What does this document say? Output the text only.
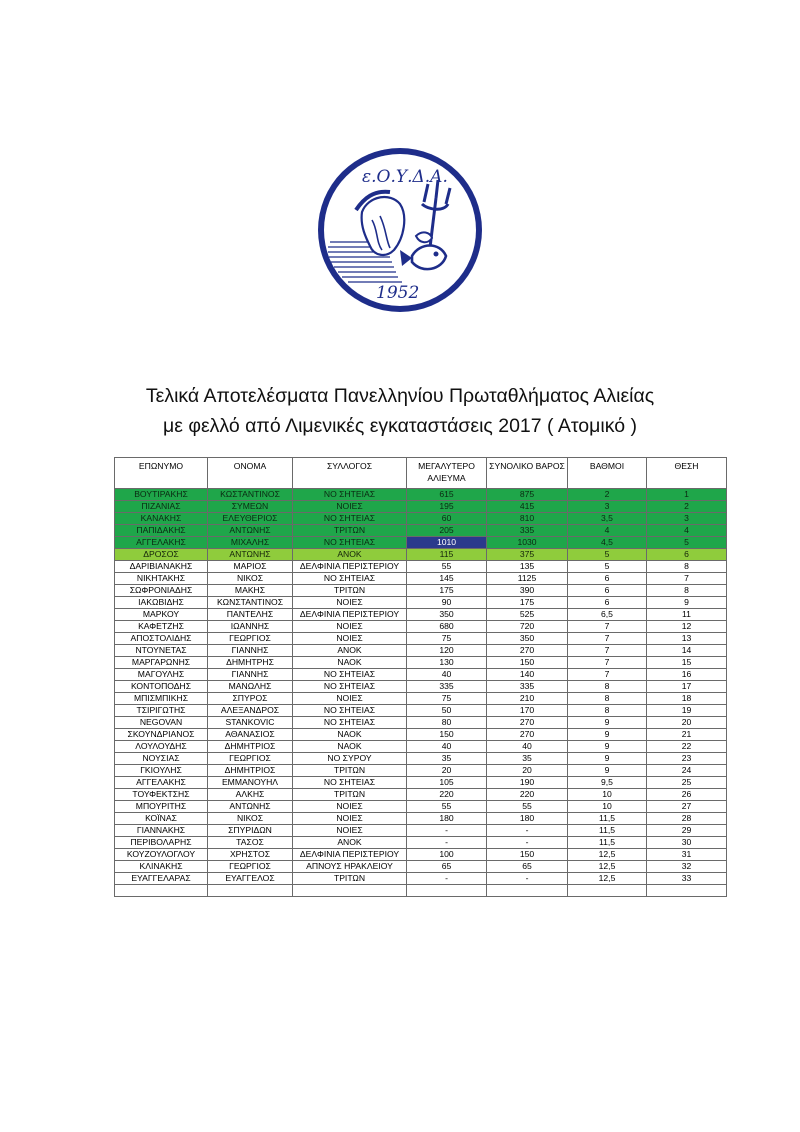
ε.Ο.Υ.Δ.Α.
1952
Τελικά Αποτελέσματα Πανελληνίου Πρωταθλήματος Αλιείας
με φελλό από Λιμενικές εγκαταστάσεις 2017 ( Ατομικό )
ΕΠΩΝΥΜΟ	ΟΝΟΜΑ	ΣΥΛΛΟΓΟΣ	ΜΕΓΑΛΥΤΕΡΟ ΑΛΙΕΥΜΑ	ΣΥΝΟΛΙΚΟ ΒΑΡΟΣ	ΒΑΘΜΟΙ	ΘΕΣΗ
ΒΟΥΤΙΡΑΚΗΣ	ΚΩΣΤΑΝΤΙΝΟΣ	ΝΟ ΣΗΤΕΙΑΣ	615	875	2	1
ΠΙΖΑΝΙΑΣ	ΣΥΜΕΩΝ	ΝΟΙΕΣ	195	415	3	2
ΚΑΝΑΚΗΣ	ΕΛΕΥΘΕΡΙΟΣ	ΝΟ ΣΗΤΕΙΑΣ	60	810	3,5	3
ΠΑΠΙΔΑΚΗΣ	ΑΝΤΩΝΗΣ	ΤΡΙΤΩΝ	205	335	4	4
ΑΓΓΕΛΑΚΗΣ	ΜΙΧΑΛΗΣ	ΝΟ ΣΗΤΕΙΑΣ	1010	1030	4,5	5
ΔΡΟΣΟΣ	ΑΝΤΩΝΗΣ	ΑΝΟΚ	115	375	5	6
ΔΑΡΙΒΙΑΝΑΚΗΣ	ΜΑΡΙΟΣ	ΔΕΛΦΙΝΙΑ ΠΕΡΙΣΤΕΡΙΟΥ	55	135	5	8
ΝΙΚΗΤΑΚΗΣ	ΝΙΚΟΣ	ΝΟ ΣΗΤΕΙΑΣ	145	1125	6	7
ΣΩΦΡΟΝΙΑΔΗΣ	ΜΑΚΗΣ	ΤΡΙΤΩΝ	175	390	6	8
ΙΑΚΩΒΙΔΗΣ	ΚΩΝΣΤΑΝΤΙΝΟΣ	ΝΟΙΕΣ	90	175	6	9
ΜΑΡΚΟΥ	ΠΑΝΤΕΛΗΣ	ΔΕΛΦΙΝΙΑ ΠΕΡΙΣΤΕΡΙΟΥ	350	525	6,5	11
ΚΑΦΕΤΖΗΣ	ΙΩΑΝΝΗΣ	ΝΟΙΕΣ	680	720	7	12
ΑΠΟΣΤΟΛΙΔΗΣ	ΓΕΩΡΓΙΟΣ	ΝΟΙΕΣ	75	350	7	13
ΝΤΟΥΝΕΤΑΣ	ΓΙΑΝΝΗΣ	ΑΝΟΚ	120	270	7	14
ΜΑΡΓΑΡΩΝΗΣ	ΔΗΜΗΤΡΗΣ	ΝΑΟΚ	130	150	7	15
ΜΑΓΟΥΛΗΣ	ΓΙΑΝΝΗΣ	ΝΟ ΣΗΤΕΙΑΣ	40	140	7	16
ΚΟΝΤΟΠΟΔΗΣ	ΜΑΝΩΛΗΣ	ΝΟ ΣΗΤΕΙΑΣ	335	335	8	17
ΜΠΙΣΜΠΙΚΗΣ	ΣΠΥΡΟΣ	ΝΟΙΕΣ	75	210	8	18
ΤΣΙΡΙΓΩΤΗΣ	ΑΛΕΞΑΝΔΡΟΣ	ΝΟ ΣΗΤΕΙΑΣ	50	170	8	19
NEGOVAN	STANKOVIC	ΝΟ ΣΗΤΕΙΑΣ	80	270	9	20
ΣΚΟΥΝΔΡΙΑΝΟΣ	ΑΘΑΝΑΣΙΟΣ	ΝΑΟΚ	150	270	9	21
ΛΟΥΛΟΥΔΗΣ	ΔΗΜΗΤΡΙΟΣ	ΝΑΟΚ	40	40	9	22
ΝΟΥΣΙΑΣ	ΓΕΩΡΓΙΟΣ	ΝΟ ΣΥΡΟΥ	35	35	9	23
ΓΚΙΟΥΛΗΣ	ΔΗΜΗΤΡΙΟΣ	ΤΡΙΤΩΝ	20	20	9	24
ΑΓΓΕΛΑΚΗΣ	ΕΜΜΑΝΟΥΗΛ	ΝΟ ΣΗΤΕΙΑΣ	105	190	9,5	25
ΤΟΥΦΕΚΤΣΗΣ	ΑΛΚΗΣ	ΤΡΙΤΩΝ	220	220	10	26
ΜΠΟΥΡΙΤΗΣ	ΑΝΤΩΝΗΣ	ΝΟΙΕΣ	55	55	10	27
ΚΟΪΝΑΣ	ΝΙΚΟΣ	ΝΟΙΕΣ	180	180	11,5	28
ΓΙΑΝΝΑΚΗΣ	ΣΠΥΡΙΔΩΝ	ΝΟΙΕΣ	-	-	11,5	29
ΠΕΡΙΒΟΛΑΡΗΣ	ΤΑΣΟΣ	ΑΝΟΚ	-	-	11,5	30
ΚΟΥΖΟΥΛΟΓΛΟΥ	ΧΡΗΣΤΟΣ	ΔΕΛΦΙΝΙΑ ΠΕΡΙΣΤΕΡΙΟΥ	100	150	12,5	31
ΚΛΙΝΑΚΗΣ	ΓΕΩΡΓΙΟΣ	ΑΠΝΟΥΣ ΗΡΑΚΛΕΙΟΥ	65	65	12,5	32
ΕΥΑΓΓΕΛΑΡΑΣ	ΕΥΑΓΓΕΛΟΣ	ΤΡΙΤΩΝ	-	-	12,5	33
